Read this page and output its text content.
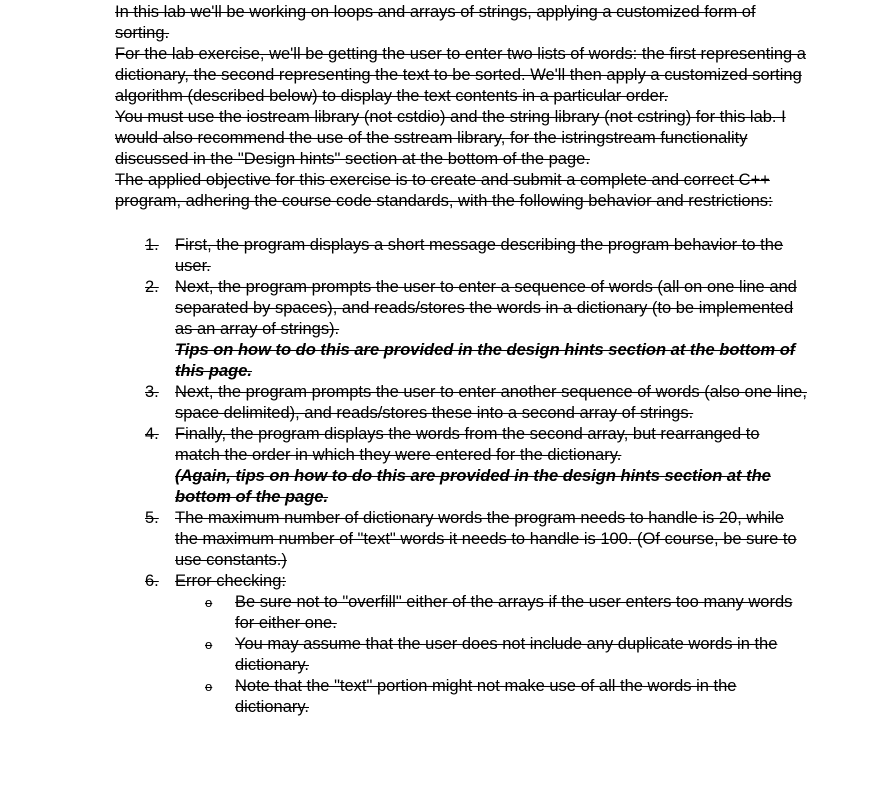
In this lab we'll be working on loops and arrays of strings, applying a customized form of sorting.

For the lab exercise, we'll be getting the user to enter two lists of words: the first representing a dictionary, the second representing the text to be sorted. We'll then apply a customized sorting algorithm (described below) to display the text contents in a particular order.

You must use the iostream library (not cstdio) and the string library (not cstring) for this lab. I would also recommend the use of the sstream library, for the istringstream functionality discussed in the "Design hints" section at the bottom of the page.

The applied objective for this exercise is to create and submit a complete and correct C++ program, adhering the course code standards, with the following behavior and restrictions:

1. First, the program displays a short message describing the program behavior to the user.
2. Next, the program prompts the user to enter a sequence of words (all on one line and separated by spaces), and reads/stores the words in a dictionary (to be implemented as an array of strings).
Tips on how to do this are provided in the design hints section at the bottom of this page.
3. Next, the program prompts the user to enter another sequence of words (also one line, space delimited), and reads/stores these into a second array of strings.
4. Finally, the program displays the words from the second array, but rearranged to match the order in which they were entered for the dictionary.
(Again, tips on how to do this are provided in the design hints section at the bottom of the page.
5. The maximum number of dictionary words the program needs to handle is 20, while the maximum number of "text" words it needs to handle is 100. (Of course, be sure to use constants.)
6. Error checking:
o Be sure not to "overfill" either of the arrays if the user enters too many words for either one.
o You may assume that the user does not include any duplicate words in the dictionary.
o Note that the "text" portion might not make use of all the words in the dictionary.
